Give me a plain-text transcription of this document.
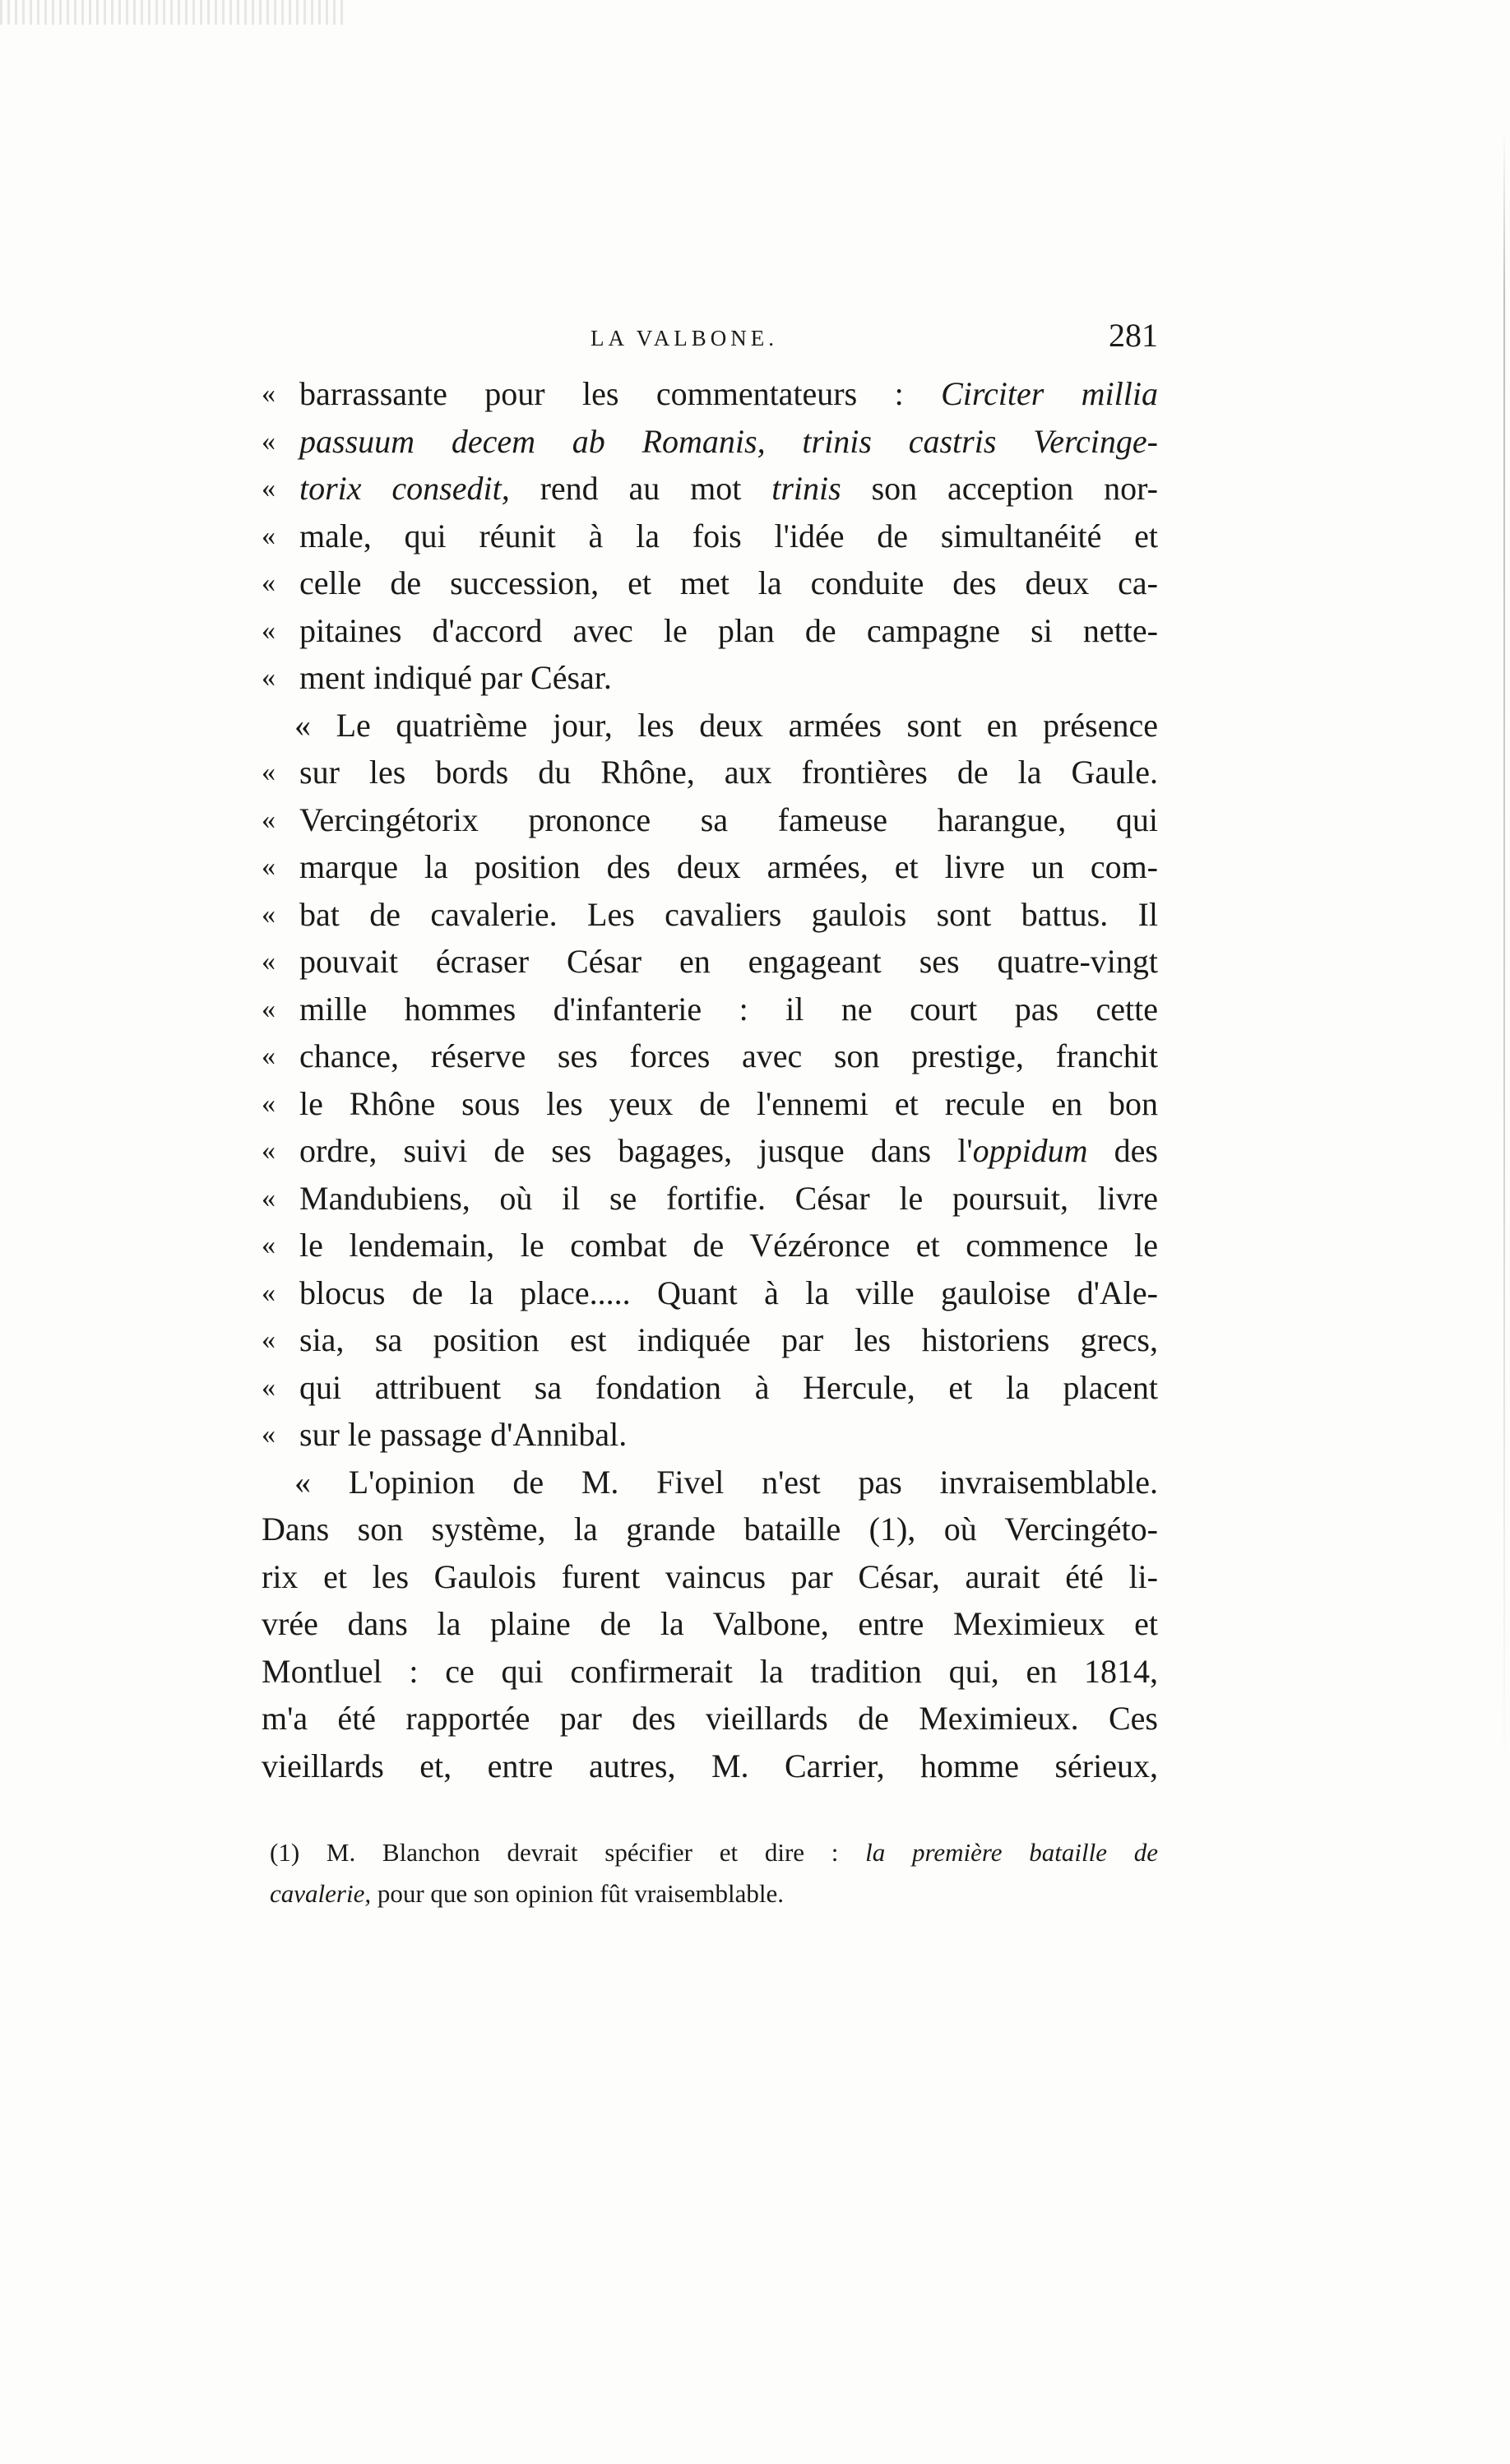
LA VALBONE.	281
« barrassante pour les commentateurs : Circiter millia
« passuum decem ab Romanis, trinis castris Vercinge-
« torix consedit, rend au mot trinis son acception nor-
« male, qui réunit à la fois l'idée de simultanéité et
« celle de succession, et met la conduite des deux ca-
« pitaines d'accord avec le plan de campagne si nette-
« ment indiqué par César.
« Le quatrième jour, les deux armées sont en présence
« sur les bords du Rhône, aux frontières de la Gaule.
« Vercingétorix prononce sa fameuse harangue, qui
« marque la position des deux armées, et livre un com-
« bat de cavalerie. Les cavaliers gaulois sont battus. Il
« pouvait écraser César en engageant ses quatre-vingt
« mille hommes d'infanterie : il ne court pas cette
« chance, réserve ses forces avec son prestige, franchit
« le Rhône sous les yeux de l'ennemi et recule en bon
« ordre, suivi de ses bagages, jusque dans l'oppidum des
« Mandubiens, où il se fortifie. César le poursuit, livre
« le lendemain, le combat de Vézéronce et commence le
« blocus de la place..... Quant à la ville gauloise d'Ale-
« sia, sa position est indiquée par les historiens grecs,
« qui attribuent sa fondation à Hercule, et la placent
« sur le passage d'Annibal.
« L'opinion de M. Fivel n'est pas invraisemblable.
Dans son système, la grande bataille (1), où Vercingéto-
rix et les Gaulois furent vaincus par César, aurait été li-
vrée dans la plaine de la Valbone, entre Meximieux et
Montluel : ce qui confirmerait la tradition qui, en 1814,
m'a été rapportée par des vieillards de Meximieux. Ces
vieillards et, entre autres, M. Carrier, homme sérieux,
(1) M. Blanchon devrait spécifier et dire : la première bataille de
cavalerie, pour que son opinion fût vraisemblable.
